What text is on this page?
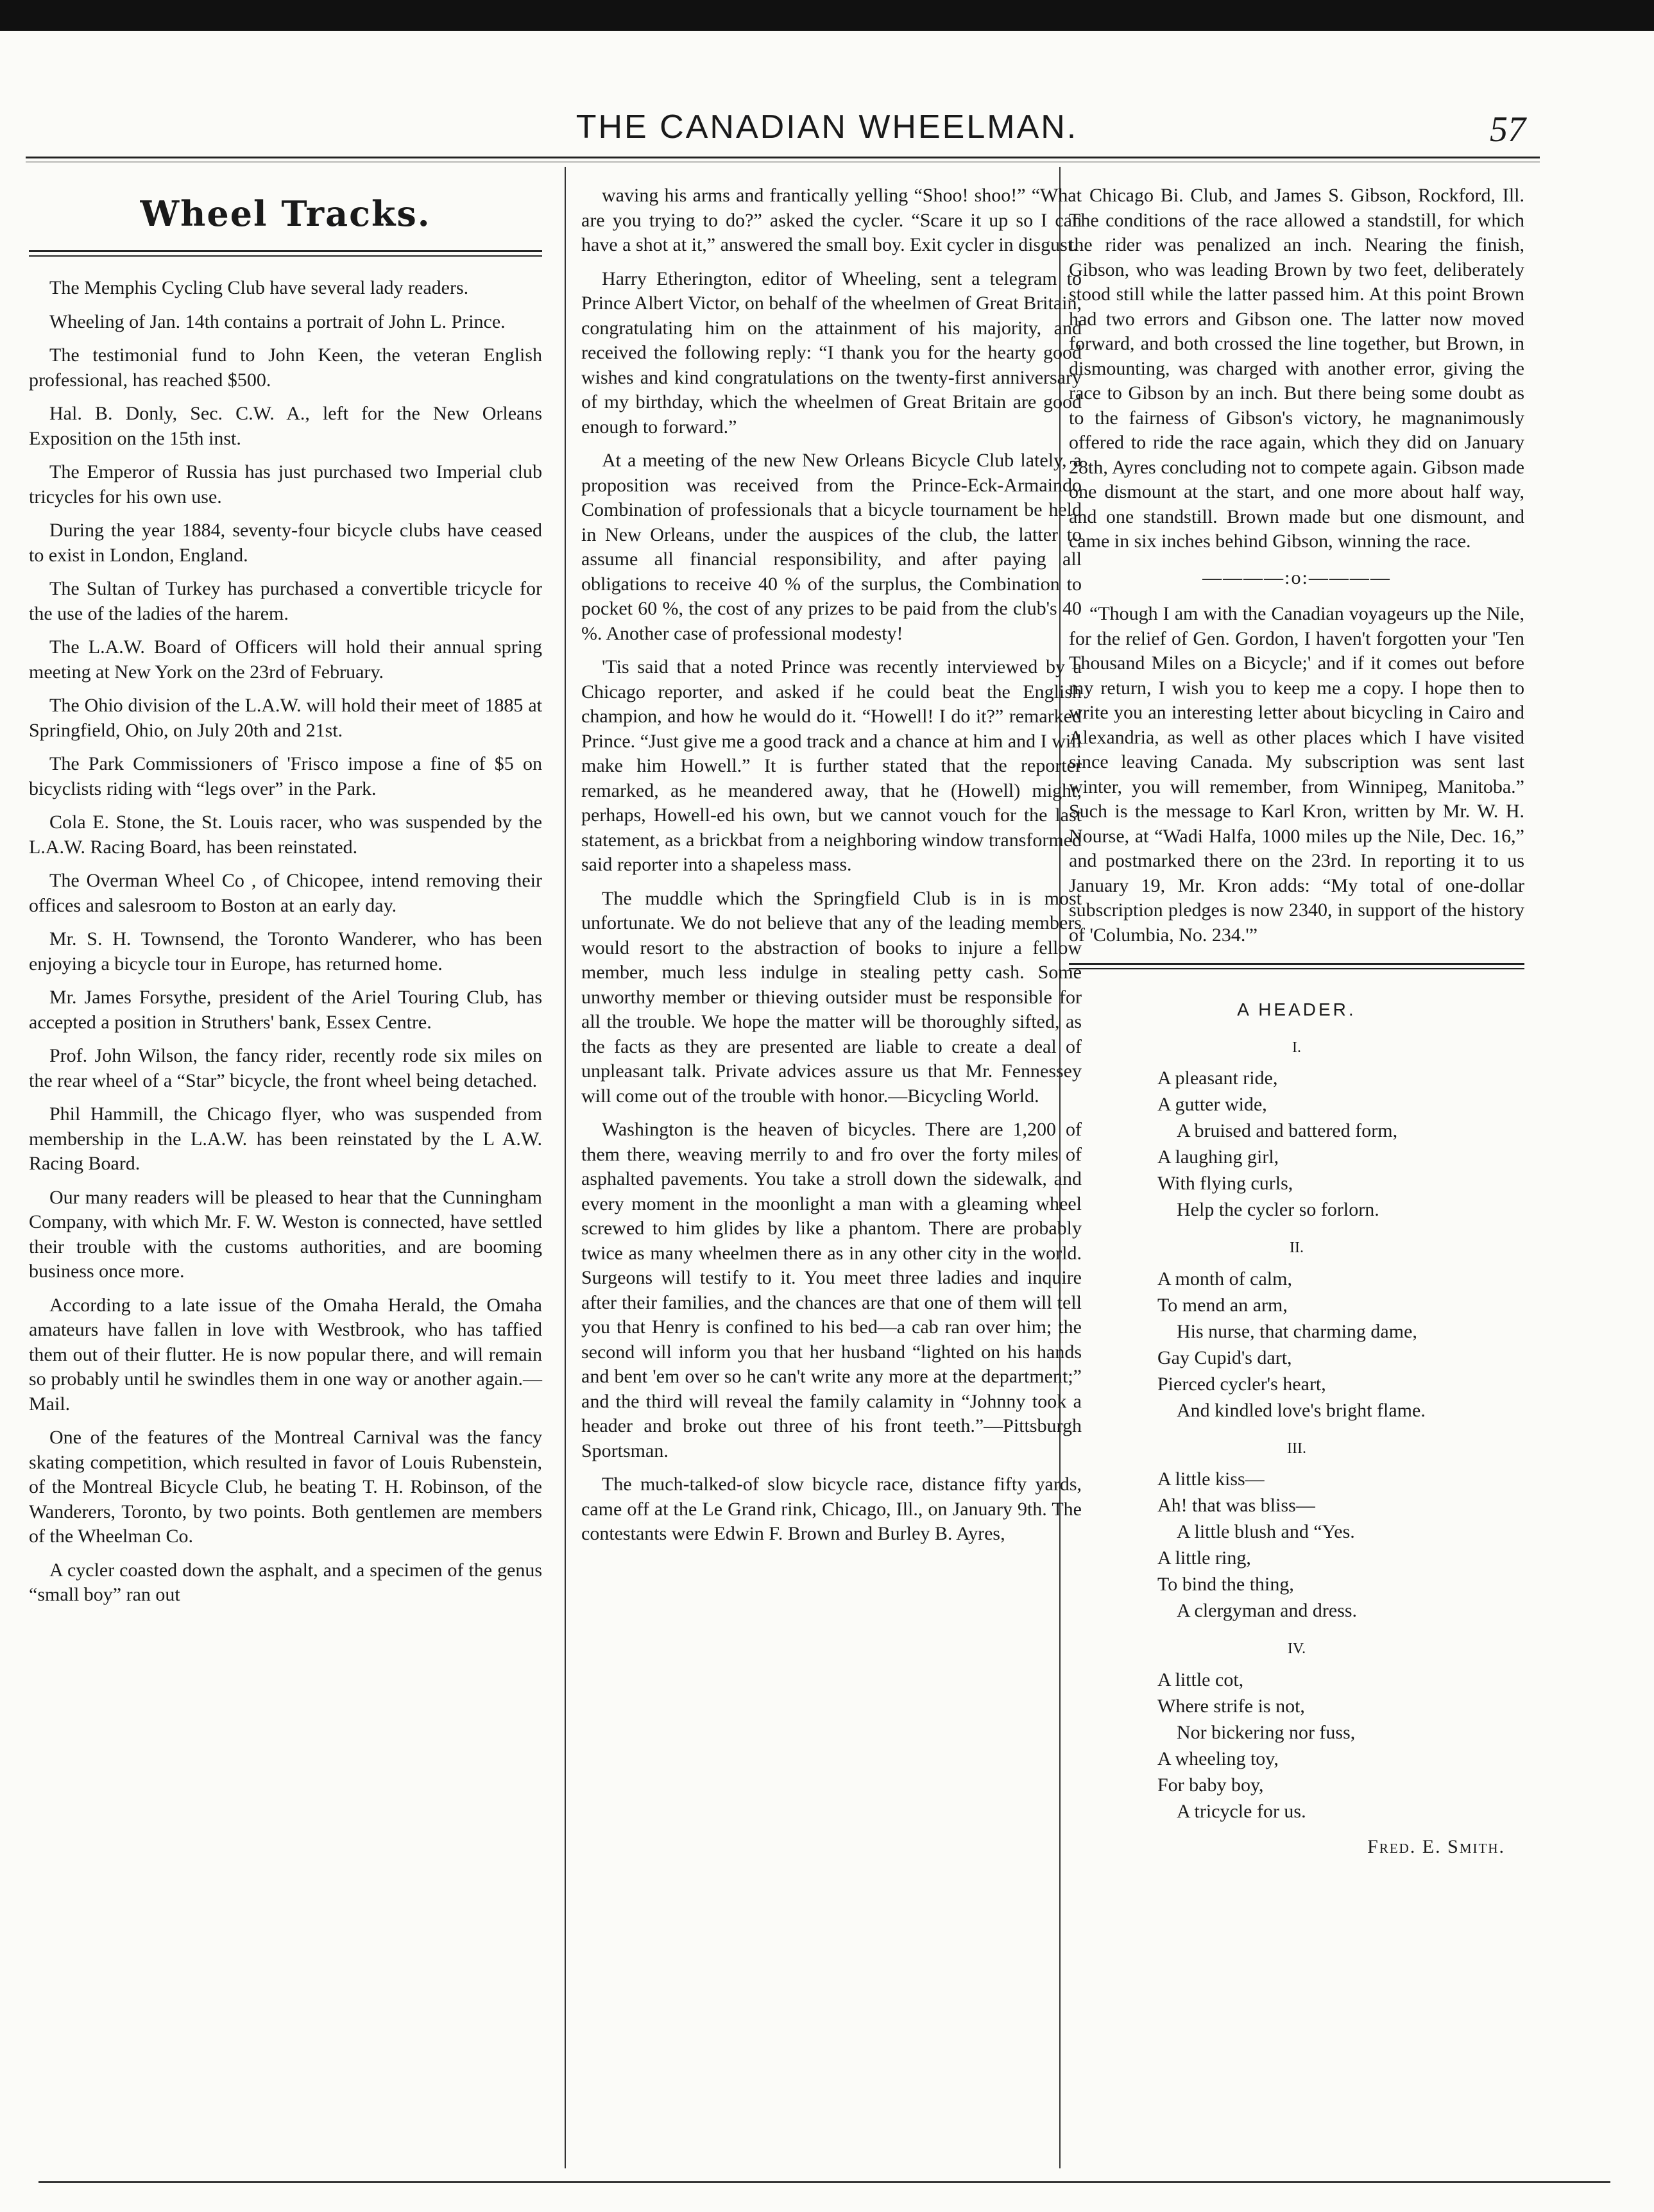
THE CANADIAN WHEELMAN.	57
Wheel Tracks.

The Memphis Cycling Club have several lady readers.

Wheeling of Jan. 14th contains a portrait of John L. Prince.

The testimonial fund to John Keen, the veteran English professional, has reached $500.

Hal. B. Donly, Sec. C.W. A., left for the New Orleans Exposition on the 15th inst.

The Emperor of Russia has just purchased two Imperial club tricycles for his own use.

During the year 1884, seventy-four bicycle clubs have ceased to exist in London, England.

The Sultan of Turkey has purchased a convertible tricycle for the use of the ladies of the harem.

The L.A.W. Board of Officers will hold their annual spring meeting at New York on the 23rd of February.

The Ohio division of the L.A.W. will hold their meet of 1885 at Springfield, Ohio, on July 20th and 21st.

The Park Commissioners of 'Frisco impose a fine of $5 on bicyclists riding with “legs over” in the Park.

Cola E. Stone, the St. Louis racer, who was suspended by the L.A.W. Racing Board, has been reinstated.

The Overman Wheel Co , of Chicopee, intend removing their offices and salesroom to Boston at an early day.

Mr. S. H. Townsend, the Toronto Wanderer, who has been enjoying a bicycle tour in Europe, has returned home.

Mr. James Forsythe, president of the Ariel Touring Club, has accepted a position in Struthers' bank, Essex Centre.

Prof. John Wilson, the fancy rider, recently rode six miles on the rear wheel of a “Star” bicycle, the front wheel being detached.

Phil Hammill, the Chicago flyer, who was suspended from membership in the L.A.W. has been reinstated by the L A.W. Racing Board.

Our many readers will be pleased to hear that the Cunningham Company, with which Mr. F. W. Weston is connected, have settled their trouble with the customs authorities, and are booming business once more.

According to a late issue of the Omaha Herald, the Omaha amateurs have fallen in love with Westbrook, who has taffied them out of their flutter. He is now popular there, and will remain so probably until he swindles them in one way or another again.—Mail.

One of the features of the Montreal Carnival was the fancy skating competition, which resulted in favor of Louis Rubenstein, of the Montreal Bicycle Club, he beating T. H. Robinson, of the Wanderers, Toronto, by two points. Both gentlemen are members of the Wheelman Co.

A cycler coasted down the asphalt, and a specimen of the genus “small boy” ran out

waving his arms and frantically yelling “Shoo! shoo!” “What are you trying to do?” asked the cycler. “Scare it up so I can have a shot at it,” answered the small boy. Exit cycler in disgust.

Harry Etherington, editor of Wheeling, sent a telegram to Prince Albert Victor, on behalf of the wheelmen of Great Britain, congratulating him on the attainment of his majority, and received the following reply: “I thank you for the hearty good wishes and kind congratulations on the twenty-first anniversary of my birthday, which the wheelmen of Great Britain are good enough to forward.”

At a meeting of the new New Orleans Bicycle Club lately, a proposition was received from the Prince-Eck-Armaindo Combination of professionals that a bicycle tournament be held in New Orleans, under the auspices of the club, the latter to assume all financial responsibility, and after paying all obligations to receive 40 % of the surplus, the Combination to pocket 60 %, the cost of any prizes to be paid from the club's 40 %. Another case of professional modesty!

'Tis said that a noted Prince was recently interviewed by a Chicago reporter, and asked if he could beat the English champion, and how he would do it. “Howell! I do it?” remarked Prince. “Just give me a good track and a chance at him and I will make him Howell.” It is further stated that the reporter remarked, as he meandered away, that he (Howell) might, perhaps, Howell-ed his own, but we cannot vouch for the last statement, as a brickbat from a neighboring window transformed said reporter into a shapeless mass.

The muddle which the Springfield Club is in is most unfortunate. We do not believe that any of the leading members would resort to the abstraction of books to injure a fellow member, much less indulge in stealing petty cash. Some unworthy member or thieving outsider must be responsible for all the trouble. We hope the matter will be thoroughly sifted, as the facts as they are presented are liable to create a deal of unpleasant talk. Private advices assure us that Mr. Fennessey will come out of the trouble with honor.—Bicycling World.

Washington is the heaven of bicycles. There are 1,200 of them there, weaving merrily to and fro over the forty miles of asphalted pavements. You take a stroll down the sidewalk, and every moment in the moonlight a man with a gleaming wheel screwed to him glides by like a phantom. There are probably twice as many wheelmen there as in any other city in the world. Surgeons will testify to it. You meet three ladies and inquire after their families, and the chances are that one of them will tell you that Henry is confined to his bed—a cab ran over him; the second will inform you that her husband “lighted on his hands and bent 'em over so he can't write any more at the department;” and the third will reveal the family calamity in “Johnny took a header and broke out three of his front teeth.”—Pittsburgh Sportsman.

The much-talked-of slow bicycle race, distance fifty yards, came off at the Le Grand rink, Chicago, Ill., on January 9th. The contestants were Edwin F. Brown and Burley B. Ayres,

Chicago Bi. Club, and James S. Gibson, Rockford, Ill. The conditions of the race allowed a standstill, for which the rider was penalized an inch. Nearing the finish, Gibson, who was leading Brown by two feet, deliberately stood still while the latter passed him. At this point Brown had two errors and Gibson one. The latter now moved forward, and both crossed the line together, but Brown, in dismounting, was charged with another error, giving the race to Gibson by an inch. But there being some doubt as to the fairness of Gibson's victory, he magnanimously offered to ride the race again, which they did on January 28th, Ayres concluding not to compete again. Gibson made one dismount at the start, and one more about half way, and one standstill. Brown made but one dismount, and came in six inches behind Gibson, winning the race.

————:o:————

“Though I am with the Canadian voyageurs up the Nile, for the relief of Gen. Gordon, I haven't forgotten your 'Ten Thousand Miles on a Bicycle;' and if it comes out before my return, I wish you to keep me a copy. I hope then to write you an interesting letter about bicycling in Cairo and Alexandria, as well as other places which I have visited since leaving Canada. My subscription was sent last winter, you will remember, from Winnipeg, Manitoba.” Such is the message to Karl Kron, written by Mr. W. H. Nourse, at “Wadi Halfa, 1000 miles up the Nile, Dec. 16,” and postmarked there on the 23rd. In reporting it to us January 19, Mr. Kron adds: “My total of one-dollar subscription pledges is now 2340, in support of the history of 'Columbia, No. 234.'”

A HEADER.
I.
A pleasant ride,
A gutter wide,
A bruised and battered form,
A laughing girl,
With flying curls,
Help the cycler so forlorn.
II.
A month of calm,
To mend an arm,
His nurse, that charming dame,
Gay Cupid's dart,
Pierced cycler's heart,
And kindled love's bright flame.
III.
A little kiss—
Ah! that was bliss—
A little blush and “Yes.
A little ring,
To bind the thing,
A clergyman and dress.
IV.
A little cot,
Where strife is not,
Nor bickering nor fuss,
A wheeling toy,
For baby boy,
A tricycle for us.
Fred. E. Smith.
